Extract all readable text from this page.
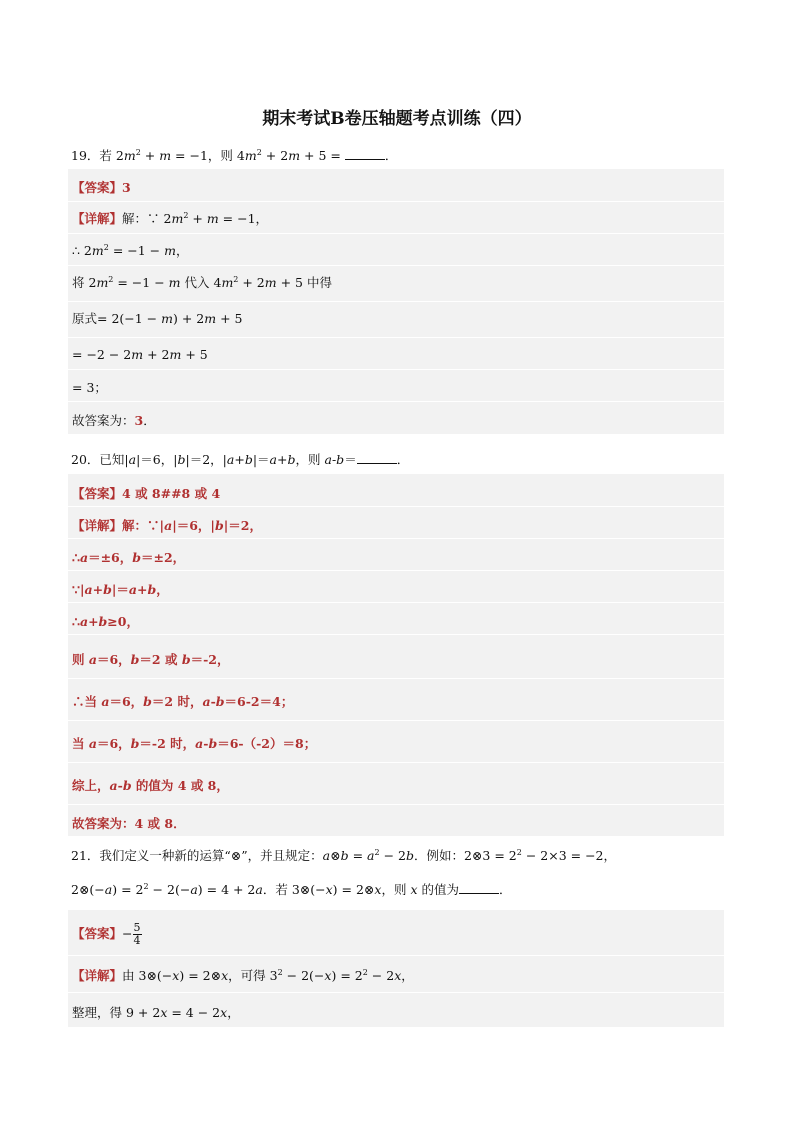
期末考试B卷压轴题考点训练（四）
19．若 $2m^2 + m = -1$，则 $4m^2 + 2m + 5$ =	．
【答案】3
【详解】解：∵ $2m^2 + m = -1$，
∴ $2m^2 = -1 - m$，
将 $2m^2 = -1 - m$ 代入 $4m^2 + 2m + 5$ 中得
原式= 2(−1 − m) + 2m + 5
= −2 − 2m + 2m + 5
= 3；
故答案为：3．
20．已知|a|＝6，|b|＝2，|a+b|＝a+b，则 a-b＝	．
【答案】4 或 8##8 或 4
【详解】解：∵|a|＝6，|b|＝2，
∴a＝±6，b＝±2，
∵|a+b|＝a+b，
∴a+b≥0，
则 a＝6，b＝2 或 b＝-2，
∴当 a＝6，b＝2 时，a-b＝6-2＝4；
当 a＝6，b＝-2 时，a-b＝6-（-2）＝8；
综上，a-b 的值为 4 或 8，
故答案为：4 或 8．
21．我们定义一种新的运算“⊗”，并且规定：a⊗b = $a^2 - 2b$．例如：2⊗3 = $2^2 - 2\times 3 = -2$，
2⊗(−a) = $2^2 - 2(-a) = 4 + 2a$．若 3⊗(−x) = 2⊗x，则 x 的值为	．
【答案】− $\frac{5}{4}$
【详解】由 3⊗(−x) = 2⊗x，可得 $3^2 - 2(-x) = 2^2 - 2x$，
整理，得 9 + 2x = 4 − 2x，
